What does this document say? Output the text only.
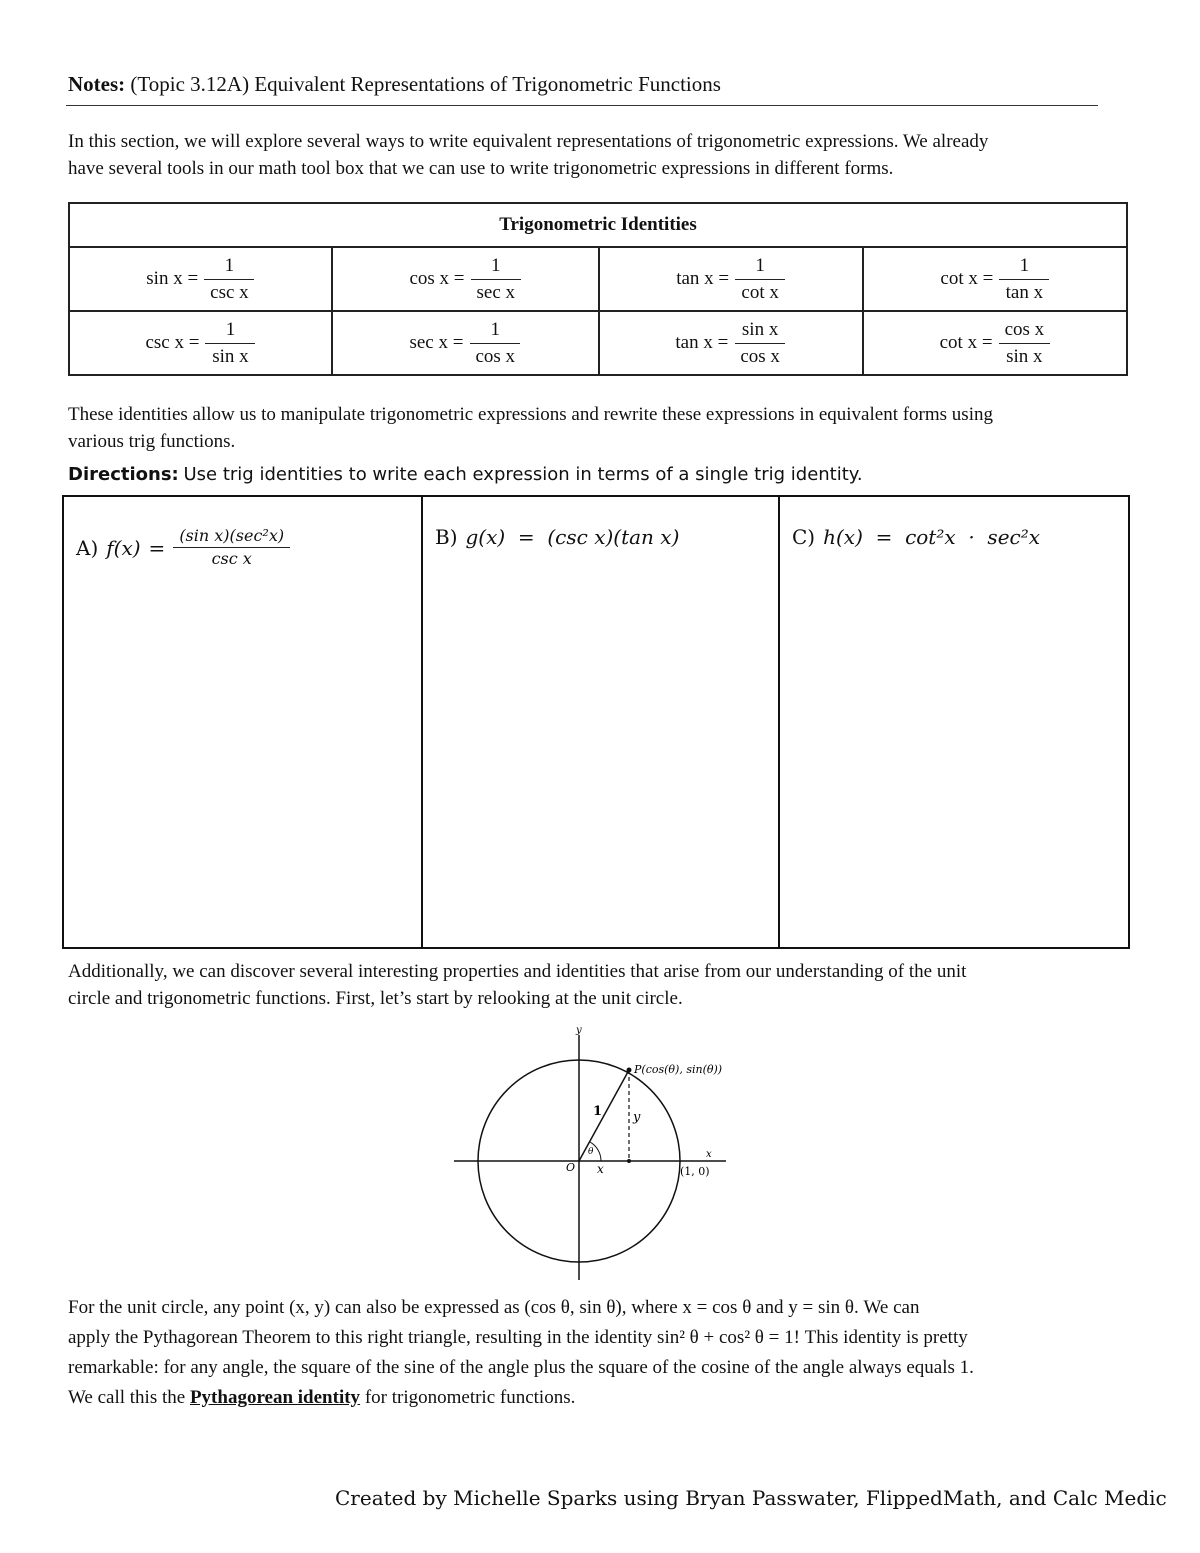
Notes: (Topic 3.12A) Equivalent Representations of Trigonometric Functions
In this section, we will explore several ways to write equivalent representations of trigonometric expressions. We already
have several tools in our math tool box that we can use to write trigonometric expressions in different forms.
Trigonometric Identities			

$\sin x = \frac{1}{\text{csc x}}$	$\cos x = \frac{1}{\text{sec x}}$	$\tan x = \frac{1}{\text{cot x}}$	$\cot x = \frac{1}{\text{tan x}}$

$\csc x = \frac{1}{\text{sin x}}$	$\sec x = \frac{1}{\text{cos x}}$	$\tan x = \frac{\text{sin x}}{\text{cos x}}$	$\cot x = \frac{\text{cos x}}{\text{sin x}}$
These identities allow us to manipulate trigonometric expressions and rewrite these expressions in equivalent forms using
various trig functions.
Directions: Use trig identities to write each expression in terms of a single trig identity.
A) $f(x) = \frac{\text{(sin x)(sec²x)}}{\text{csc x}}$	B) g(x)  =  (csc x)(tan x)	C) h(x)  =  cot²x  ·  sec²x
Additionally, we can discover several interesting properties and identities that arise from our understanding of the unit
circle and trigonometric functions. First, let’s start by relooking at the unit circle.
y
x
O
P(cos(θ), sin(θ))
1 y
x
θ
(1, 0)
For the unit circle, any point (x, y) can also be expressed as (cos θ, sin θ), where x = cos θ and y = sin θ. We can
apply the Pythagorean Theorem to this right triangle, resulting in the identity sin² θ + cos² θ = 1! This identity is pretty
remarkable: for any angle, the square of the sine of the angle plus the square of the cosine of the angle always equals 1.
We call this the Pythagorean identity for trigonometric functions.
Created by Michelle Sparks using Bryan Passwater, FlippedMath, and Calc Medic
